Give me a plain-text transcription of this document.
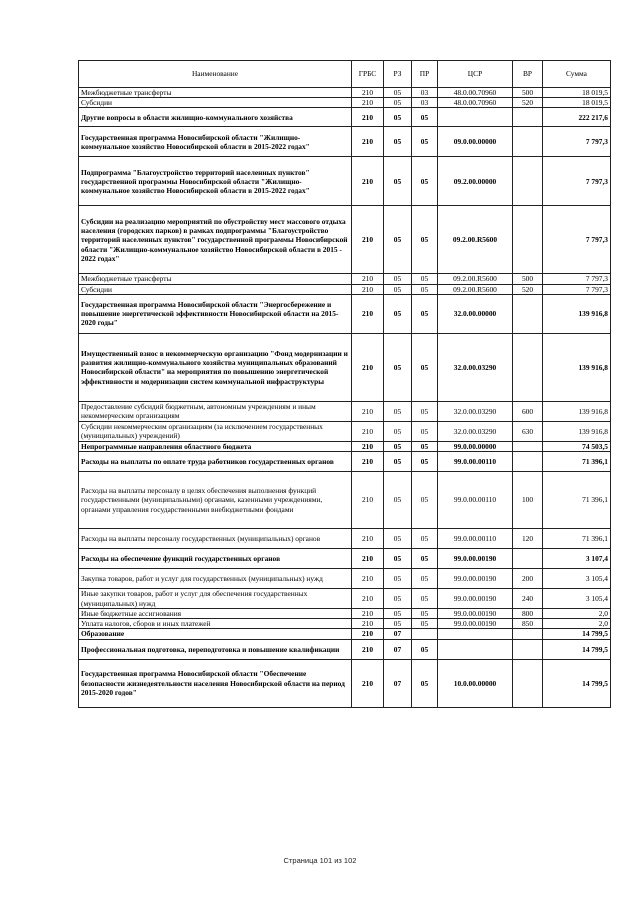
Наименование	ГРБС	РЗ	ПР	ЦСР	ВР	Сумма
Межбюджетные трансферты	210	05	03	48.0.00.70960	500	18 019,5
Субсидии	210	05	03	48.0.00.70960	520	18 019,5
Другие вопросы в области жилищно-коммунального хозяйства	210	05	05			222 217,6
Государственная программа Новосибирской области "Жилищно-коммунальное хозяйство Новосибирской области в 2015-2022 годах"	210	05	05	09.0.00.00000		7 797,3
Подпрограмма "Благоустройство территорий населенных пунктов" государственной программы Новосибирской области "Жилищно-коммунальное хозяйство Новосибирской области в 2015-2022 годах"	210	05	05	09.2.00.00000		7 797,3
Субсидии на реализацию мероприятий по обустройству мест массового отдыха населения (городских парков) в рамках подпрограммы "Благоустройство территорий населенных пунктов" государственной программы Новосибирской области "Жилищно-коммунальное хозяйство Новосибирской области в 2015 - 2022 годах"	210	05	05	09.2.00.R5600		7 797,3
Межбюджетные трансферты	210	05	05	09.2.00.R5600	500	7 797,3
Субсидии	210	05	05	09.2.00.R5600	520	7 797,3
Государственная программа Новосибирской области "Энергосбережение и повышение энергетической эффективности Новосибирской области на 2015- 2020 годы"	210	05	05	32.0.00.00000		139 916,8
Имущественный взнос в некоммерческую организацию "Фонд модернизации и развития жилищно-коммунального хозяйства муниципальных образований Новосибирской области" на мероприятия по повышению энергетической эффективности и модернизации систем коммунальной инфраструктуры	210	05	05	32.0.00.03290		139 916,8
Предоставление субсидий бюджетным, автономным учреждениям и иным некоммерческим организациям	210	05	05	32.0.00.03290	600	139 916,8
Субсидии некоммерческим организациям (за исключением государственных (муниципальных) учреждений)	210	05	05	32.0.00.03290	630	139 916,8
Непрограммные направления областного бюджета	210	05	05	99.0.00.00000		74 503,5
Расходы на выплаты по оплате труда работников государственных органов	210	05	05	99.0.00.00110		71 396,1
Расходы на выплаты персоналу в целях обеспечения выполнения функций государственными (муниципальными) органами, казенными учреждениями, органами управления государственными внебюджетными фондами	210	05	05	99.0.00.00110	100	71 396,1
Расходы на выплаты персоналу государственных (муниципальных) органов	210	05	05	99.0.00.00110	120	71 396,1
Расходы на обеспечение функций государственных органов	210	05	05	99.0.00.00190		3 107,4
Закупка товаров, работ и услуг для государственных (муниципальных) нужд	210	05	05	99.0.00.00190	200	3 105,4
Иные закупки товаров, работ и услуг для обеспечения государственных (муниципальных) нужд	210	05	05	99.0.00.00190	240	3 105,4
Иные бюджетные ассигнования	210	05	05	99.0.00.00190	800	2,0
Уплата налогов, сборов и иных платежей	210	05	05	99.0.00.00190	850	2,0
Образование	210	07				14 799,5
Профессиональная подготовка, переподготовка и повышение квалификации	210	07	05			14 799,5
Государственная программа Новосибирской области "Обеспечение безопасности жизнедеятельности населения Новосибирской области на период 2015-2020 годов"	210	07	05	10.0.00.00000		14 799,5
Страница 101 из 102
